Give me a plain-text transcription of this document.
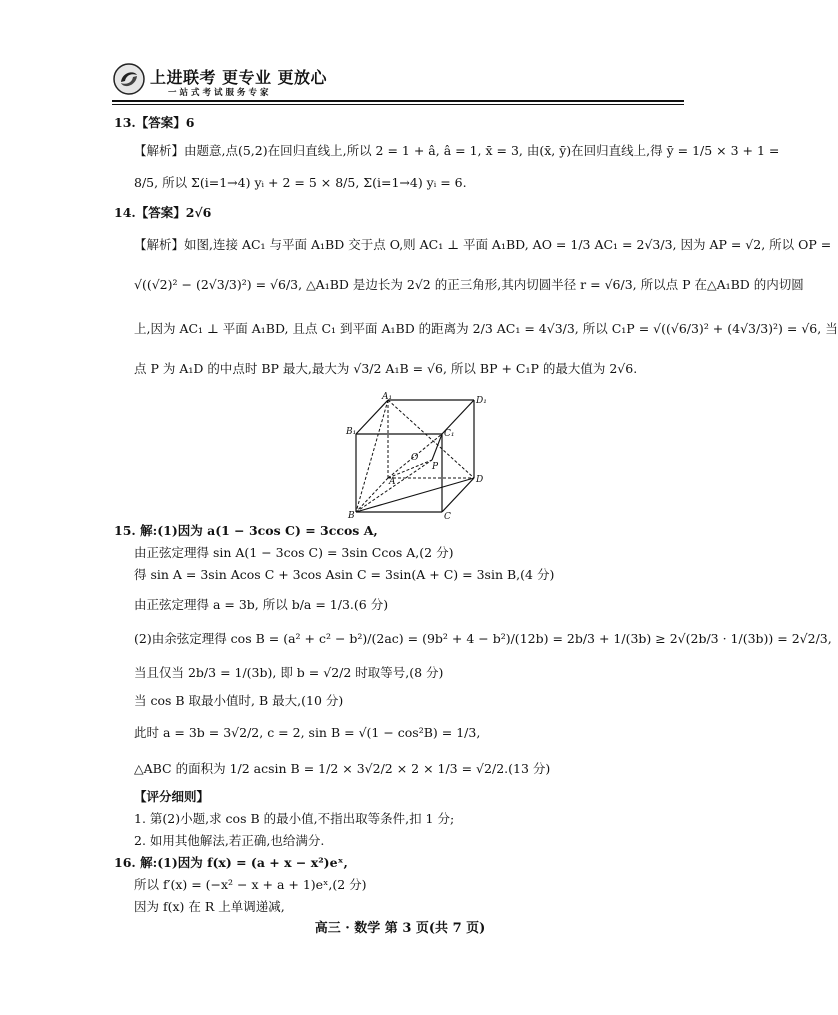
上进联考 更专业 更放心
一站式考试服务专家
13.【答案】6
【解析】由题意,点(5,2)在回归直线上,所以 2 = 1 + â, â = 1, x̄ = 3, 由(x̄, ȳ)在回归直线上,得 ȳ = 1/5 × 3 + 1 =
8/5, 所以 Σ(i=1→4) yᵢ + 2 = 5 × 8/5, Σ(i=1→4) yᵢ = 6.
14.【答案】2√6
【解析】如图,连接 AC₁ 与平面 A₁BD 交于点 O,则 AC₁ ⊥ 平面 A₁BD, AO = 1/3 AC₁ = 2√3/3, 因为 AP = √2, 所以 OP =
√((√2)² − (2√3/3)²) = √6/3, △A₁BD 是边长为 2√2 的正三角形,其内切圆半径 r = √6/3, 所以点 P 在△A₁BD 的内切圆
上,因为 AC₁ ⊥ 平面 A₁BD, 且点 C₁ 到平面 A₁BD 的距离为 2/3 AC₁ = 4√3/3, 所以 C₁P = √((√6/3)² + (4√3/3)²) = √6, 当
点 P 为 A₁D 的中点时 BP 最大,最大为 √3/2 A₁B = √6, 所以 BP + C₁P 的最大值为 2√6.
A₁	D₁
B₁	C₁
O
P
A	D
B	C
15. 解:(1)因为 a(1 − 3cos C) = 3ccos A,
由正弦定理得 sin A(1 − 3cos C) = 3sin Ccos A,(2 分)
得 sin A = 3sin Acos C + 3cos Asin C = 3sin(A + C) = 3sin B,(4 分)
由正弦定理得 a = 3b, 所以 b/a = 1/3.(6 分)
(2)由余弦定理得 cos B = (a² + c² − b²)/(2ac) = (9b² + 4 − b²)/(12b) = 2b/3 + 1/(3b) ≥ 2√(2b/3 · 1/(3b)) = 2√2/3,
当且仅当 2b/3 = 1/(3b), 即 b = √2/2 时取等号,(8 分)
当 cos B 取最小值时, B 最大,(10 分)
此时 a = 3b = 3√2/2, c = 2, sin B = √(1 − cos²B) = 1/3,
△ABC 的面积为 1/2 acsin B = 1/2 × 3√2/2 × 2 × 1/3 = √2/2.(13 分)
【评分细则】
1. 第(2)小题,求 cos B 的最小值,不指出取等条件,扣 1 分;
2. 如用其他解法,若正确,也给满分.
16. 解:(1)因为 f(x) = (a + x − x²)eˣ,
所以 f′(x) = (−x² − x + a + 1)eˣ,(2 分)
因为 f(x) 在 R 上单调递减,
高三 · 数学 第 3 页(共 7 页)
